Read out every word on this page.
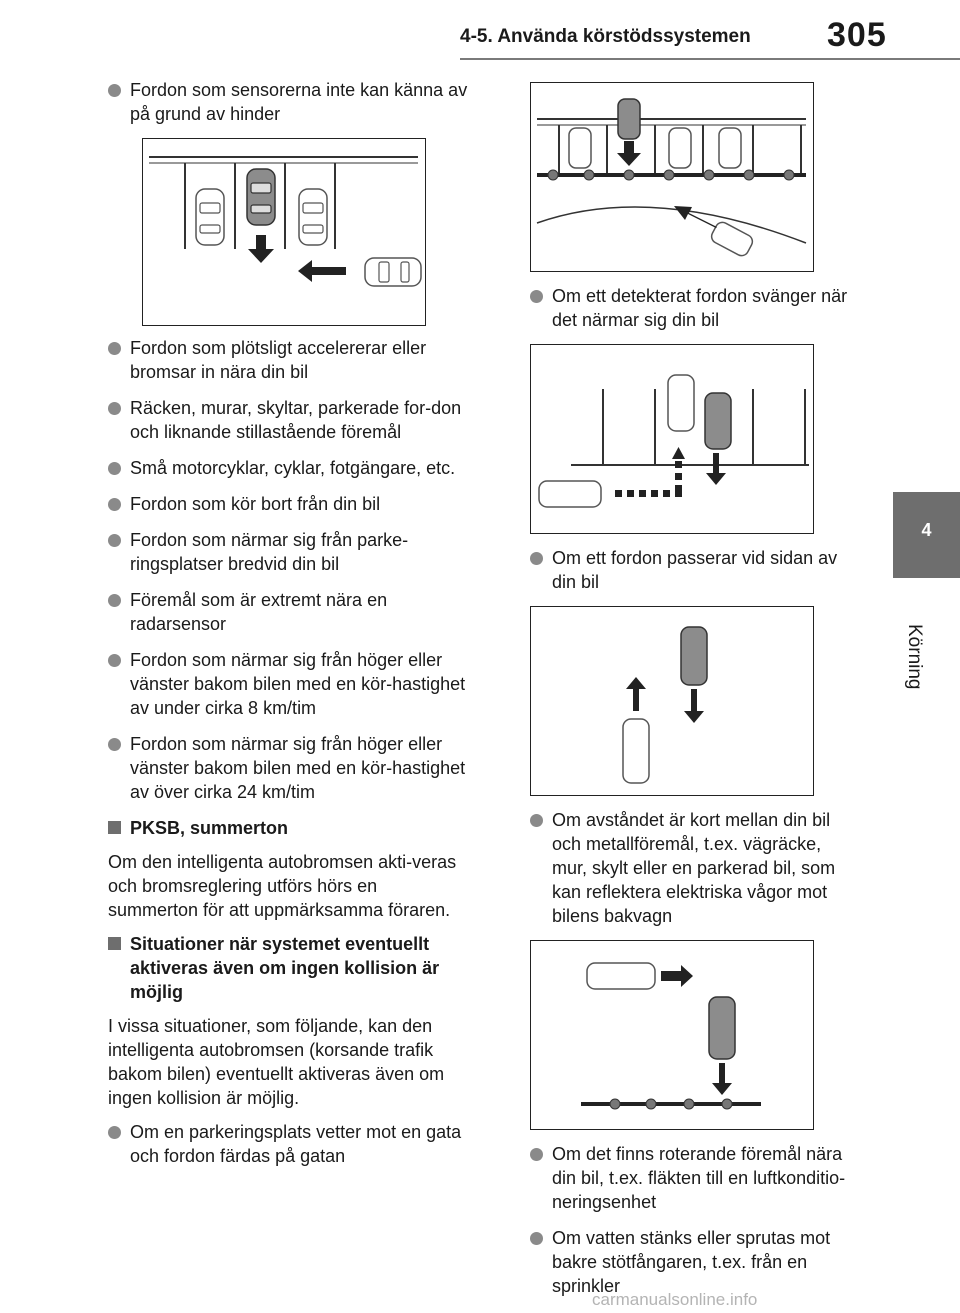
4-5. Använda körstödssystemen 305
4
Körning
Fordon som sensorerna inte kan känna av på grund av hinder
Fordon som plötsligt accelererar eller bromsar in nära din bil
Räcken, murar, skyltar, parkerade for-don och liknande stillastående föremål
Små motorcyklar, cyklar, fotgängare, etc.
Fordon som kör bort från din bil
Fordon som närmar sig från parke-ringsplatser bredvid din bil
Föremål som är extremt nära en radarsensor
Fordon som närmar sig från höger eller vänster bakom bilen med en kör-hastighet av under cirka 8 km/tim
Fordon som närmar sig från höger eller vänster bakom bilen med en kör-hastighet av över cirka 24 km/tim
PKSB, summerton
Om den intelligenta autobromsen akti-veras och bromsreglering utförs hörs en summerton för att uppmärksamma föraren.
Situationer när systemet eventuellt aktiveras även om ingen kollision är möjlig
I vissa situationer, som följande, kan den intelligenta autobromsen (korsande trafik bakom bilen) eventuellt aktiveras även om ingen kollision är möjlig.
Om en parkeringsplats vetter mot en gata och fordon färdas på gatan
Om ett detekterat fordon svänger när det närmar sig din bil
Om ett fordon passerar vid sidan av din bil
Om avståndet är kort mellan din bil och metallföremål, t.ex. vägräcke, mur, skylt eller en parkerad bil, som kan reflektera elektriska vågor mot bilens bakvagn
Om det finns roterande föremål nära din bil, t.ex. fläkten till en luftkonditio-neringsenhet
Om vatten stänks eller sprutas mot bakre stötfångaren, t.ex. från en sprinkler
carmanualsonline.info
